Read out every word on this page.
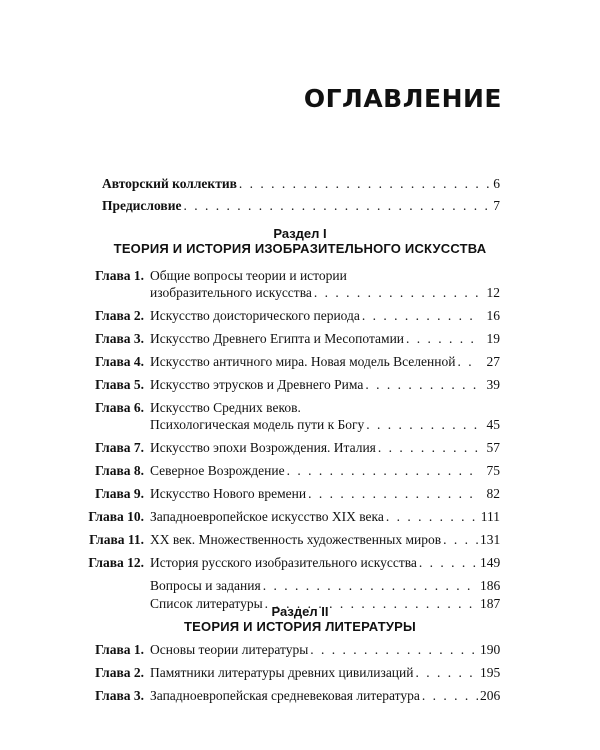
ОГЛАВЛЕНИЕ
Авторский коллектив . . .	6
Предисловие . . .	7
Раздел I
ТЕОРИЯ И ИСТОРИЯ ИЗОБРАЗИТЕЛЬНОГО ИСКУССТВА
Глава 1. Общие вопросы теории и истории
изобразительного искусства . . .	12
Глава 2. Искусство доисторического периода . . .	16
Глава 3. Искусство Древнего Египта и Месопотамии . . .	19
Глава 4. Искусство античного мира. Новая модель Вселенной . . .	27
Глава 5. Искусство этрусков и Древнего Рима . . .	39
Глава 6. Искусство Средних веков.
Психологическая модель пути к Богу . . .	45
Глава 7. Искусство эпохи Возрождения. Италия . . .	57
Глава 8. Северное Возрождение . . .	75
Глава 9. Искусство Нового времени . . .	82
Глава 10. Западноевропейское искусство XIX века . . .	111
Глава 11. XX век. Множественность художественных миров . . .	131
Глава 12. История русского изобразительного искусства . . .	149
Вопросы и задания . . .	186
Список литературы . . .	187
Раздел II
ТЕОРИЯ И ИСТОРИЯ ЛИТЕРАТУРЫ
Глава 1. Основы теории литературы . . .	190
Глава 2. Памятники литературы древних цивилизаций . . .	195
Глава 3. Западноевропейская средневековая литература . . .	206
